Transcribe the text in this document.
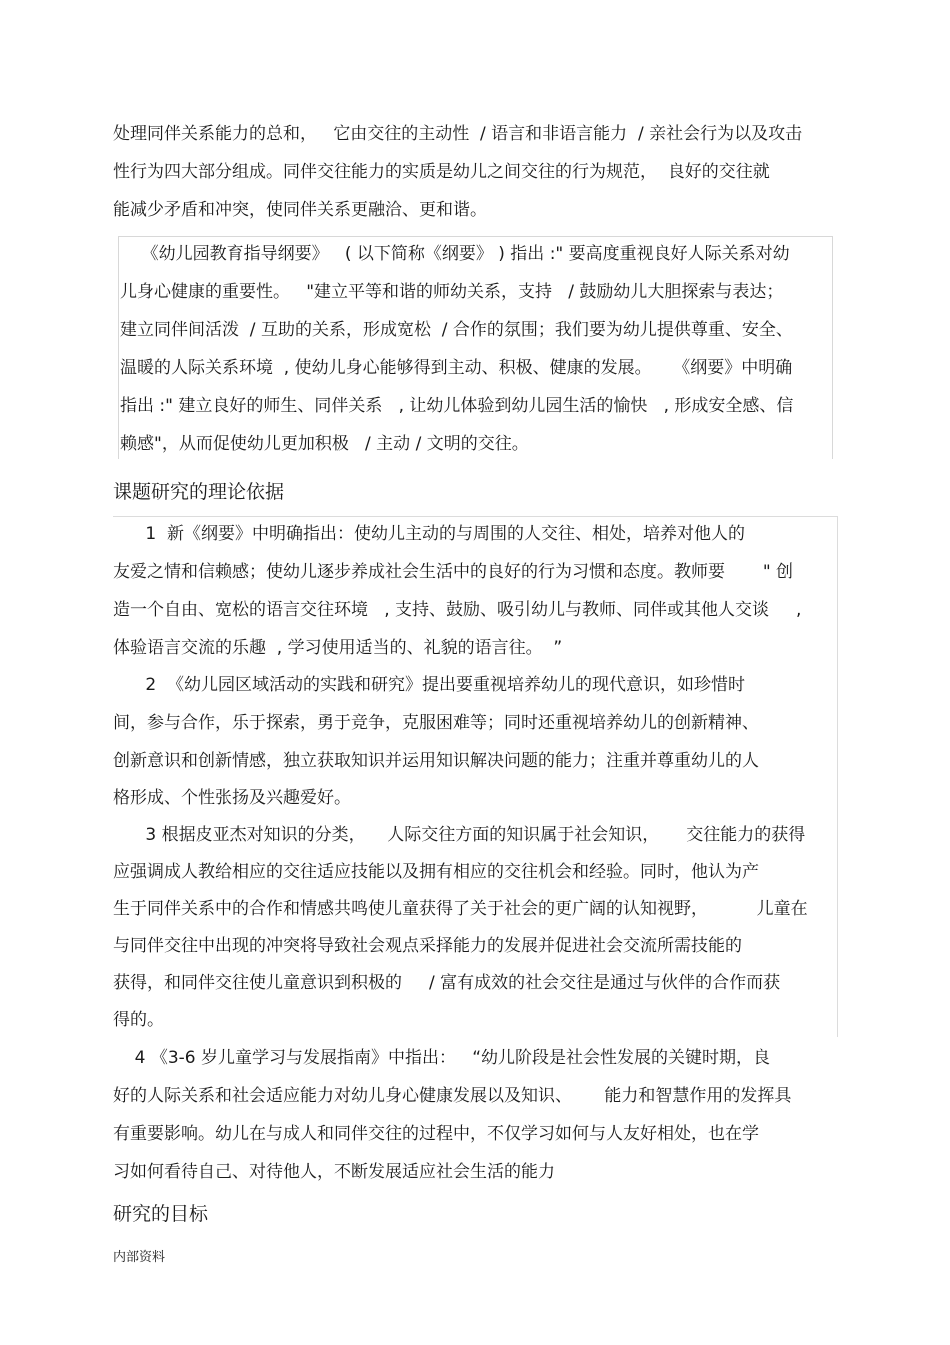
处理同伴关系能力的总和，   它由交往的主动性  / 语言和非语言能力  / 亲社会行为以及攻击

性行为四大部分组成。同伴交往能力的实质是幼儿之间交往的行为规范，  良好的交往就

能减少矛盾和冲突，使同伴关系更融洽、更和谐。

《幼儿园教育指导纲要》   ( 以下简称《纲要》 ) 指出 :" 要高度重视良好人际关系对幼

儿身心健康的重要性。   "建立平等和谐的师幼关系，支持   / 鼓励幼儿大胆探索与表达；

建立同伴间活泼  / 互助的关系，形成宽松  / 合作的氛围；我们要为幼儿提供尊重、安全、

温暖的人际关系环境  , 使幼儿身心能够得到主动、积极、健康的发展。    《纲要》中明确

指出 :" 建立良好的师生、同伴关系   , 让幼儿体验到幼儿园生活的愉快   , 形成安全感、信

赖感"，从而促使幼儿更加积极   / 主动 / 文明的交往。

课题研究的理论依据

1  新《纲要》中明确指出：使幼儿主动的与周围的人交往、相处，培养对他人的

友爱之情和信赖感；使幼儿逐步养成社会生活中的良好的行为习惯和态度。教师要       " 创

造一个自由、宽松的语言交往环境   , 支持、鼓励、吸引幼儿与教师、同伴或其他人交谈     ,

体验语言交流的乐趣  , 学习使用适当的、礼貌的语言往。  ”

2  《幼儿园区域活动的实践和研究》提出要重视培养幼儿的现代意识，如珍惜时

间，参与合作，乐于探索，勇于竞争，克服困难等；同时还重视培养幼儿的创新精神、

创新意识和创新情感，独立获取知识并运用知识解决问题的能力；注重并尊重幼儿的人

格形成、个性张扬及兴趣爱好。

3 根据皮亚杰对知识的分类，    人际交往方面的知识属于社会知识，     交往能力的获得

应强调成人教给相应的交往适应技能以及拥有相应的交往机会和经验。同时，他认为产

生于同伴关系中的合作和情感共鸣使儿童获得了关于社会的更广阔的认知视野，         儿童在

与同伴交往中出现的冲突将导致社会观点采择能力的发展并促进社会交流所需技能的

获得，和同伴交往使儿童意识到积极的     / 富有成效的社会交往是通过与伙伴的合作而获

得的。

4 《3-6 岁儿童学习与发展指南》中指出：   “幼儿阶段是社会性发展的关键时期，良

好的人际关系和社会适应能力对幼儿身心健康发展以及知识、      能力和智慧作用的发挥具

有重要影响。幼儿在与成人和同伴交往的过程中，不仅学习如何与人友好相处，也在学

习如何看待自己、对待他人，不断发展适应社会生活的能力

研究的目标
内部资料
